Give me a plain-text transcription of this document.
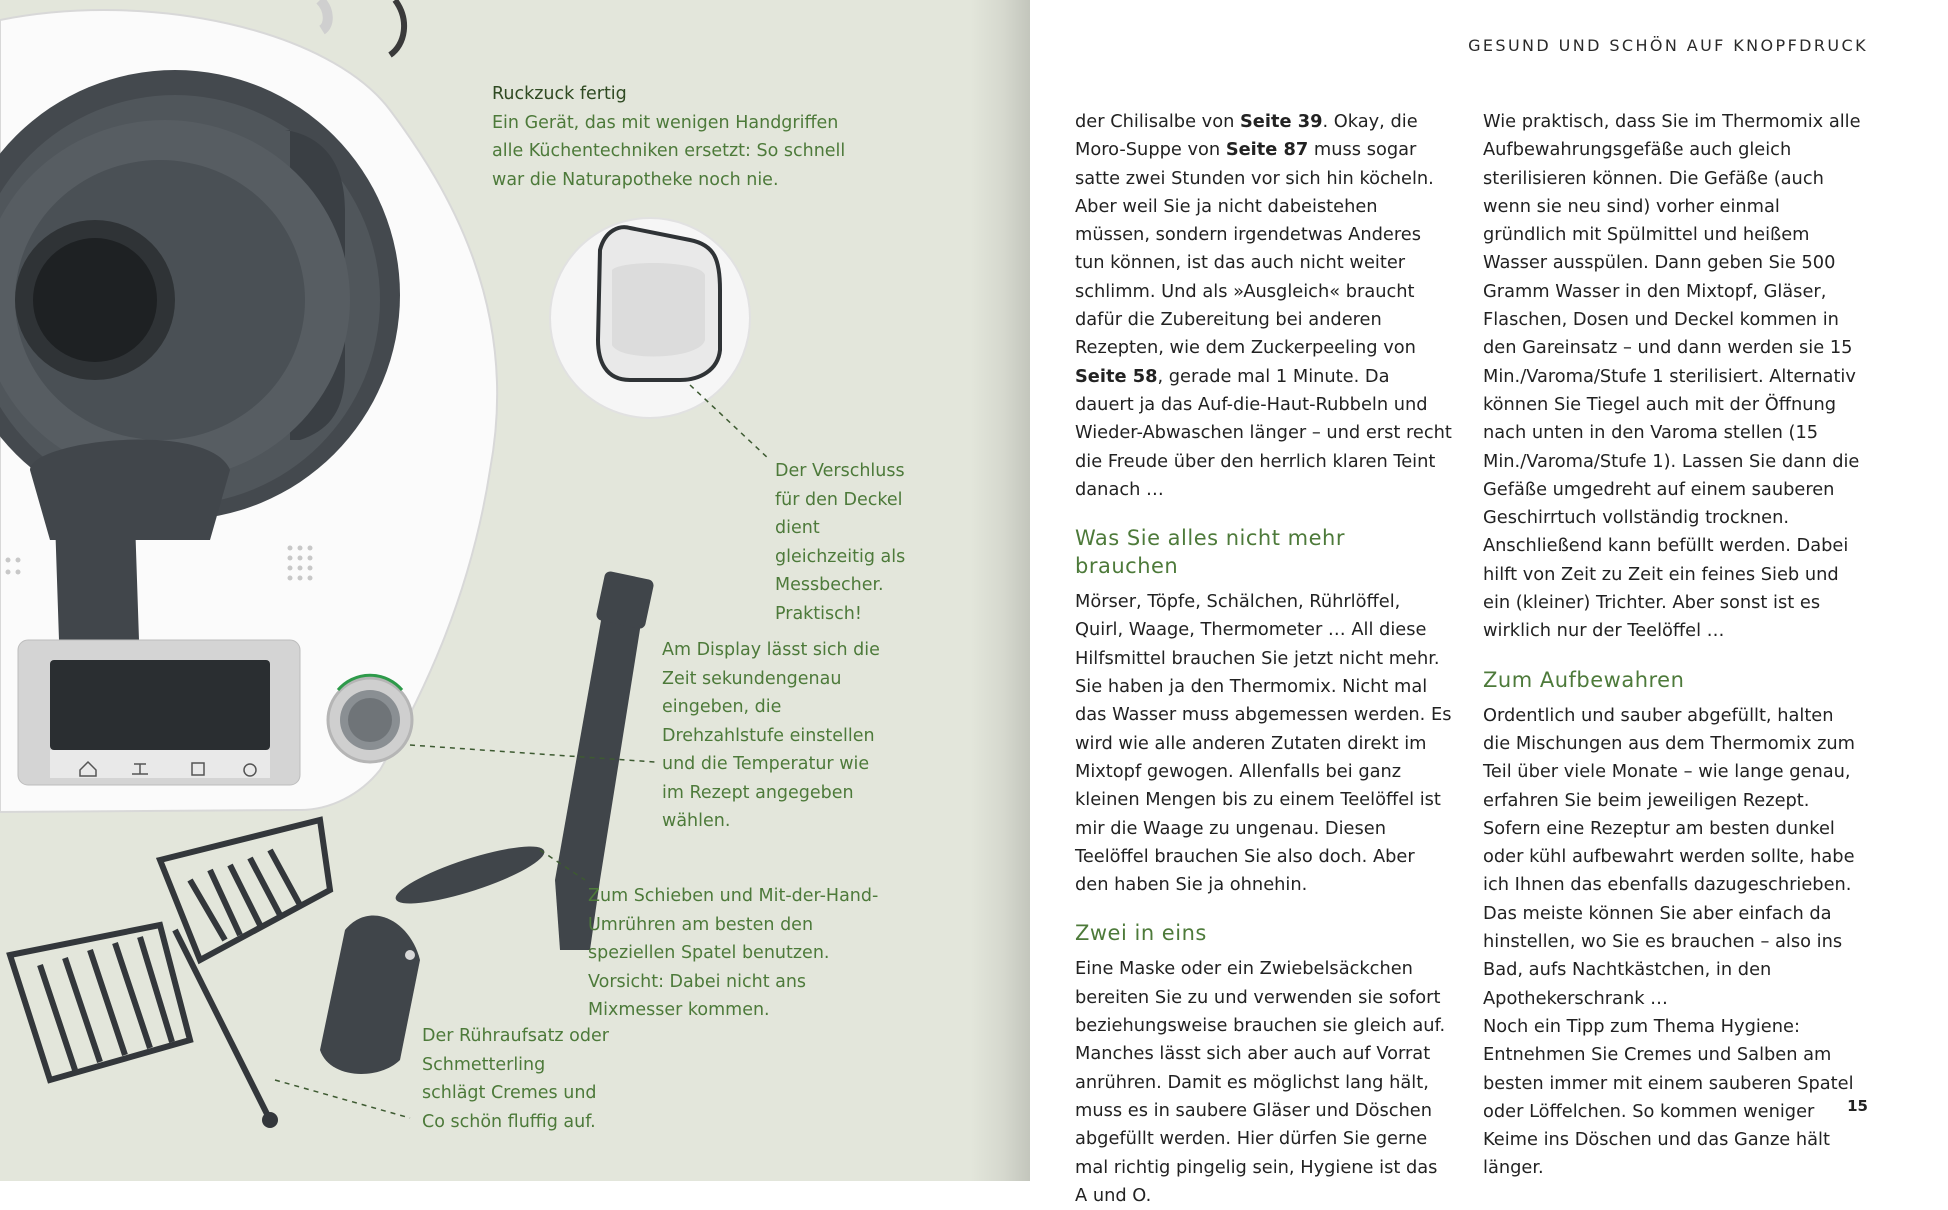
Ruckzuck fertig
Ein Gerät, das mit wenigen Handgriffen alle Küchentechniken ersetzt: So schnell war die Naturapotheke noch nie.

Der Verschluss für den Deckel dient gleichzeitig als Messbecher. Praktisch!

Am Display lässt sich die Zeit sekundengenau eingeben, die Drehzahlstufe einstellen und die Temperatur wie im Rezept angegeben wählen.

Zum Schieben und Mit-der-Hand-Umrühren am besten den speziellen Spatel benutzen. Vorsicht: Dabei nicht ans Mixmesser kommen.

Der Rühraufsatz oder Schmetterling schlägt Cremes und Co schön fluffig auf.

GESUND UND SCHÖN AUF KNOPFDRUCK

der Chilisalbe von Seite 39. Okay, die Moro-Suppe von Seite 87 muss sogar satte zwei Stunden vor sich hin köcheln. Aber weil Sie ja nicht dabeistehen müssen, sondern irgendetwas Anderes tun können, ist das auch nicht weiter schlimm. Und als »Ausgleich« braucht dafür die Zubereitung bei anderen Rezepten, wie dem Zuckerpeeling von Seite 58, gerade mal 1 Minute. Da dauert ja das Auf-die-Haut-Rubbeln und Wieder-Abwaschen länger – und erst recht die Freude über den herrlich klaren Teint danach …

Was Sie alles nicht mehr brauchen

Mörser, Töpfe, Schälchen, Rührlöffel, Quirl, Waage, Thermometer … All diese Hilfsmittel brauchen Sie jetzt nicht mehr. Sie haben ja den Thermomix. Nicht mal das Wasser muss abgemessen werden. Es wird wie alle anderen Zutaten direkt im Mixtopf gewogen. Allenfalls bei ganz kleinen Mengen bis zu einem Teelöffel ist mir die Waage zu ungenau. Diesen Teelöffel brauchen Sie also doch. Aber den haben Sie ja ohnehin.

Zwei in eins

Eine Maske oder ein Zwiebelsäckchen bereiten Sie zu und verwenden sie sofort beziehungsweise brauchen sie gleich auf. Manches lässt sich aber auch auf Vorrat anrühren. Damit es möglichst lang hält, muss es in saubere Gläser und Döschen abgefüllt werden. Hier dürfen Sie gerne mal richtig pingelig sein, Hygiene ist das A und O.

Wie praktisch, dass Sie im Thermomix alle Aufbewahrungsgefäße auch gleich sterilisieren können. Die Gefäße (auch wenn sie neu sind) vorher einmal gründlich mit Spülmittel und heißem Wasser ausspülen. Dann geben Sie 500 Gramm Wasser in den Mixtopf, Gläser, Flaschen, Dosen und Deckel kommen in den Gareinsatz – und dann werden sie 15 Min./Varoma/Stufe 1 sterilisiert. Alternativ können Sie Tiegel auch mit der Öffnung nach unten in den Varoma stellen (15 Min./Varoma/Stufe 1). Lassen Sie dann die Gefäße umgedreht auf einem sauberen Geschirrtuch vollständig trocknen. Anschließend kann befüllt werden. Dabei hilft von Zeit zu Zeit ein feines Sieb und ein (kleiner) Trichter. Aber sonst ist es wirklich nur der Teelöffel …

Zum Aufbewahren

Ordentlich und sauber abgefüllt, halten die Mischungen aus dem Thermomix zum Teil über viele Monate – wie lange genau, erfahren Sie beim jeweiligen Rezept. Sofern eine Rezeptur am besten dunkel oder kühl aufbewahrt werden sollte, habe ich Ihnen das ebenfalls dazugeschrieben. Das meiste können Sie aber einfach da hinstellen, wo Sie es brauchen – also ins Bad, aufs Nachtkästchen, in den Apothekerschrank …

Noch ein Tipp zum Thema Hygiene: Entnehmen Sie Cremes und Salben am besten immer mit einem sauberen Spatel oder Löffelchen. So kommen weniger Keime ins Döschen und das Ganze hält länger.

15
